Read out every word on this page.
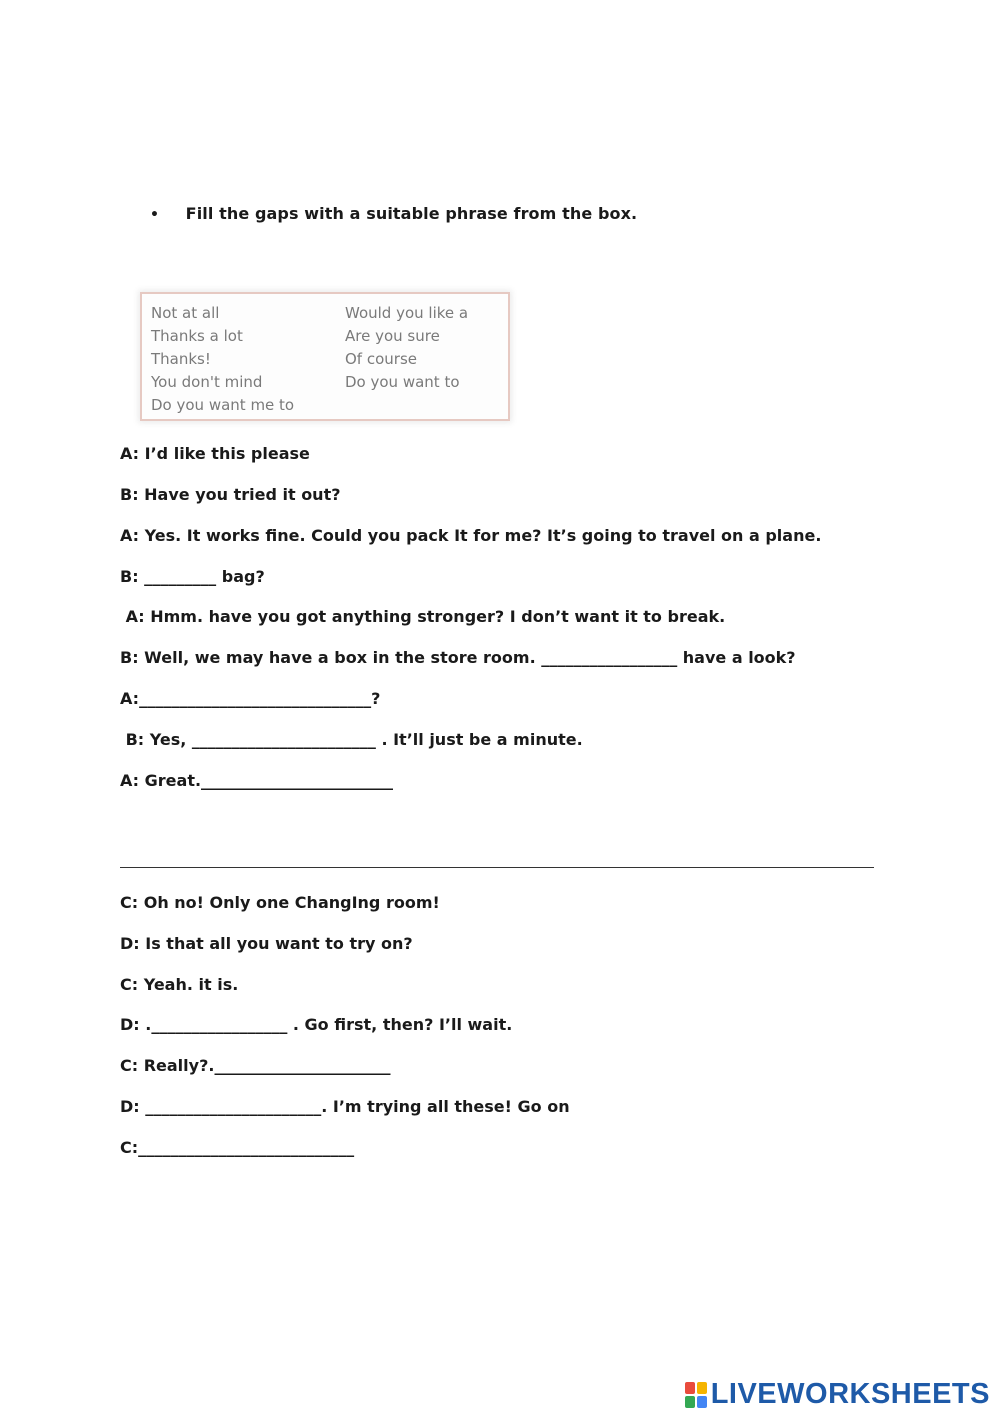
• Fill the gaps with a suitable phrase from the box.
Not at all
Thanks a lot
Thanks!
You don't mind
Do you want me to
Would you like a
Are you sure
Of course
Do you want to
A: I’d like this please
B: Have you tried it out?
A: Yes. It works fine. Could you pack It for me? It’s going to travel on a plane.
B: _________ bag?
A: Hmm. have you got anything stronger? I don’t want it to break.
B: Well, we may have a box in the store room. _________________ have a look?
A:_____________________________?
B: Yes, _______________________ . It’ll just be a minute.
A: Great.________________________
C: Oh no! Only one ChangIng room!
D: Is that all you want to try on?
C: Yeah. it is.
D: ._________________ . Go first, then? I’ll wait.
C: Really?.______________________
D: ______________________. I’m trying all these! Go on
C:___________________________
LIVEWORKSHEETS
